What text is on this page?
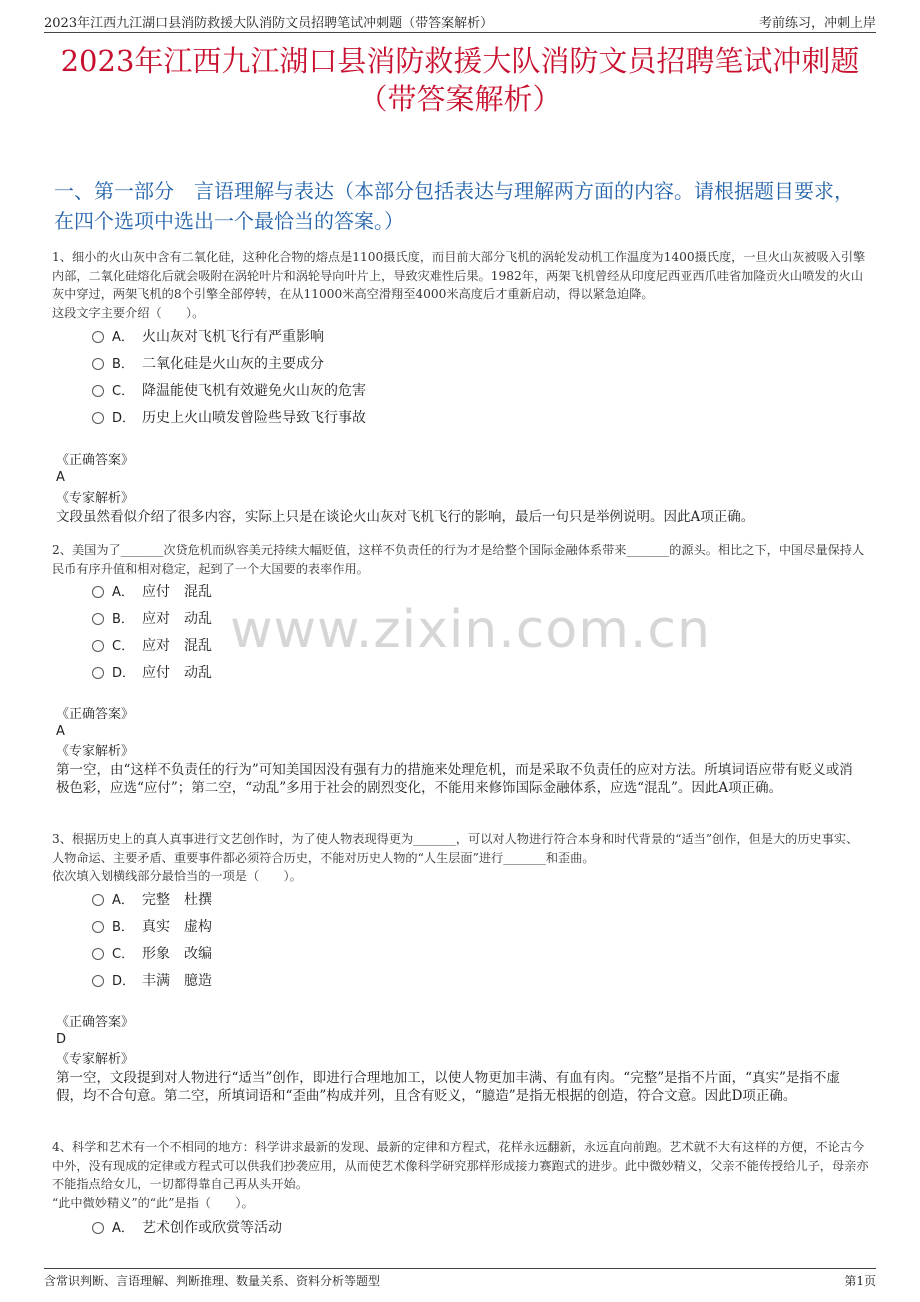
2023年江西九江湖口县消防救援大队消防文员招聘笔试冲刺题（带答案解析）	考前练习，冲刺上岸
2023年江西九江湖口县消防救援大队消防文员招聘笔试冲刺题
（带答案解析）
一、第一部分　言语理解与表达（本部分包括表达与理解两方面的内容。请根据题目要求，在四个选项中选出一个最恰当的答案。）
www.zixin.com.cn
1、细小的火山灰中含有二氧化硅，这种化合物的熔点是1100摄氏度，而目前大部分飞机的涡轮发动机工作温度为1400摄氏度，一旦火山灰被吸入引擎内部，二氧化硅熔化后就会吸附在涡轮叶片和涡轮导向叶片上，导致灾难性后果。1982年，两架飞机曾经从印度尼西亚西爪哇省加隆贡火山喷发的火山灰中穿过，两架飞机的8个引擎全部停转，在从11000米高空滑翔至4000米高度后才重新启动，得以紧急迫降。
这段文字主要介绍（　　）。
A． 火山灰对飞机飞行有严重影响
B． 二氧化硅是火山灰的主要成分
C． 降温能使飞机有效避免火山灰的危害
D． 历史上火山喷发曾险些导致飞行事故
《正确答案》
A
《专家解析》
文段虽然看似介绍了很多内容，实际上只是在谈论火山灰对飞机飞行的影响，最后一句只是举例说明。因此A项正确。
2、美国为了_______次贷危机而纵容美元持续大幅贬值，这样不负责任的行为才是给整个国际金融体系带来_______的源头。相比之下，中国尽量保持人民币有序升值和相对稳定，起到了一个大国要的表率作用。
A． 应付　混乱
B． 应对　动乱
C． 应对　混乱
D． 应付　动乱
《正确答案》
A
《专家解析》
第一空，由“这样不负责任的行为”可知美国因没有强有力的措施来处理危机，而是采取不负责任的应对方法。所填词语应带有贬义或消极色彩，应选“应付”；第二空，“动乱”多用于社会的剧烈变化，不能用来修饰国际金融体系，应选“混乱”。因此A项正确。
3、根据历史上的真人真事进行文艺创作时，为了使人物表现得更为_______，可以对人物进行符合本身和时代背景的“适当”创作，但是大的历史事实、人物命运、主要矛盾、重要事件都必须符合历史，不能对历史人物的“人生层面”进行_______和歪曲。
依次填入划横线部分最恰当的一项是（　　）。
A． 完整　杜撰
B． 真实　虚构
C． 形象　改编
D． 丰满　臆造
《正确答案》
D
《专家解析》
第一空，文段提到对人物进行“适当”创作，即进行合理地加工，以使人物更加丰满、有血有肉。“完整”是指不片面，“真实”是指不虚假，均不合句意。第二空，所填词语和“歪曲”构成并列，且含有贬义，“臆造”是指无根据的创造，符合文意。因此D项正确。
4、科学和艺术有一个不相同的地方：科学讲求最新的发现、最新的定律和方程式，花样永远翻新，永远直向前跑。艺术就不大有这样的方便，不论古今中外，没有现成的定律或方程式可以供我们抄袭应用，从而使艺术像科学研究那样形成接力赛跑式的进步。此中微妙精义，父亲不能传授给儿子，母亲亦不能指点给女儿，一切都得靠自己再从头开始。
“此中微妙精义”的“此”是指（　　）。
A． 艺术创作或欣赏等活动
含常识判断、言语理解、判断推理、数量关系、资料分析等题型	第1页
